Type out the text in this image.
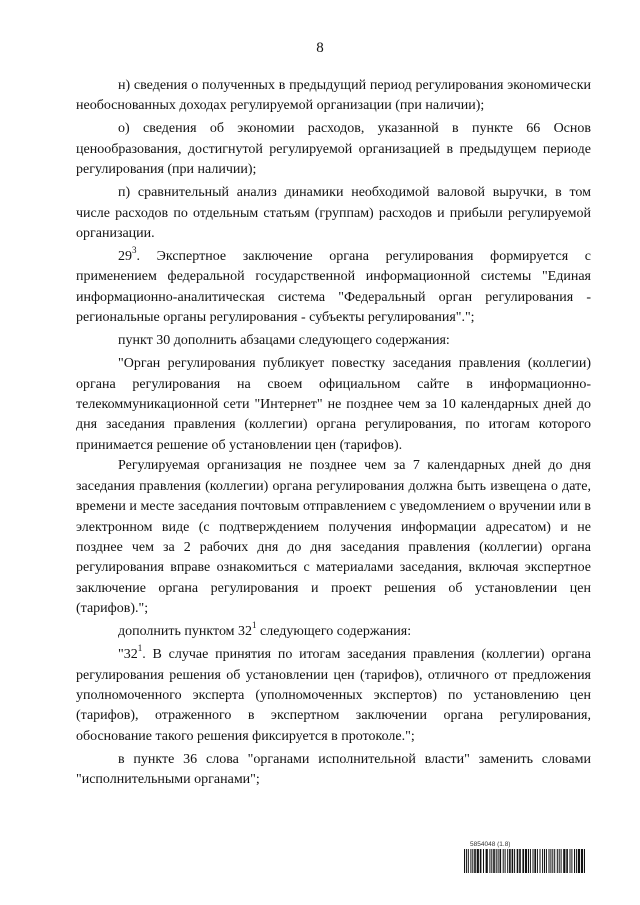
8

н) сведения о полученных в предыдущий период регулирования экономически необоснованных доходах регулируемой организации (при наличии);

о) сведения об экономии расходов, указанной в пункте 66 Основ ценообразования, достигнутой регулируемой организацией в предыдущем периоде регулирования (при наличии);

п) сравнительный анализ динамики необходимой валовой выручки, в том числе расходов по отдельным статьям (группам) расходов и прибыли регулируемой организации.

$29^3$. Экспертное заключение органа регулирования формируется с применением федеральной государственной информационной системы "Единая информационно-аналитическая система "Федеральный орган регулирования - региональные органы регулирования - субъекты регулирования".";

пункт 30 дополнить абзацами следующего содержания:

"Орган регулирования публикует повестку заседания правления (коллегии) органа регулирования на своем официальном сайте в информационно-телекоммуникационной сети "Интернет" не позднее чем за 10 календарных дней до дня заседания правления (коллегии) органа регулирования, по итогам которого принимается решение об установлении цен (тарифов).

Регулируемая организация не позднее чем за 7 календарных дней до дня заседания правления (коллегии) органа регулирования должна быть извещена о дате, времени и месте заседания почтовым отправлением с уведомлением о вручении или в электронном виде (с подтверждением получения информации адресатом) и не позднее чем за 2 рабочих дня до дня заседания правления (коллегии) органа регулирования вправе ознакомиться с материалами заседания, включая экспертное заключение органа регулирования и проект решения об установлении цен (тарифов).";

дополнить пунктом $32^1$ следующего содержания:

"$32^1$. В случае принятия по итогам заседания правления (коллегии) органа регулирования решения об установлении цен (тарифов), отличного от предложения уполномоченного эксперта (уполномоченных экспертов) по установлению цен (тарифов), отраженного в экспертном заключении органа регулирования, обоснование такого решения фиксируется в протоколе.";

в пункте 36 слова "органами исполнительной власти" заменить словами "исполнительными органами";

5854048 (1.8)
